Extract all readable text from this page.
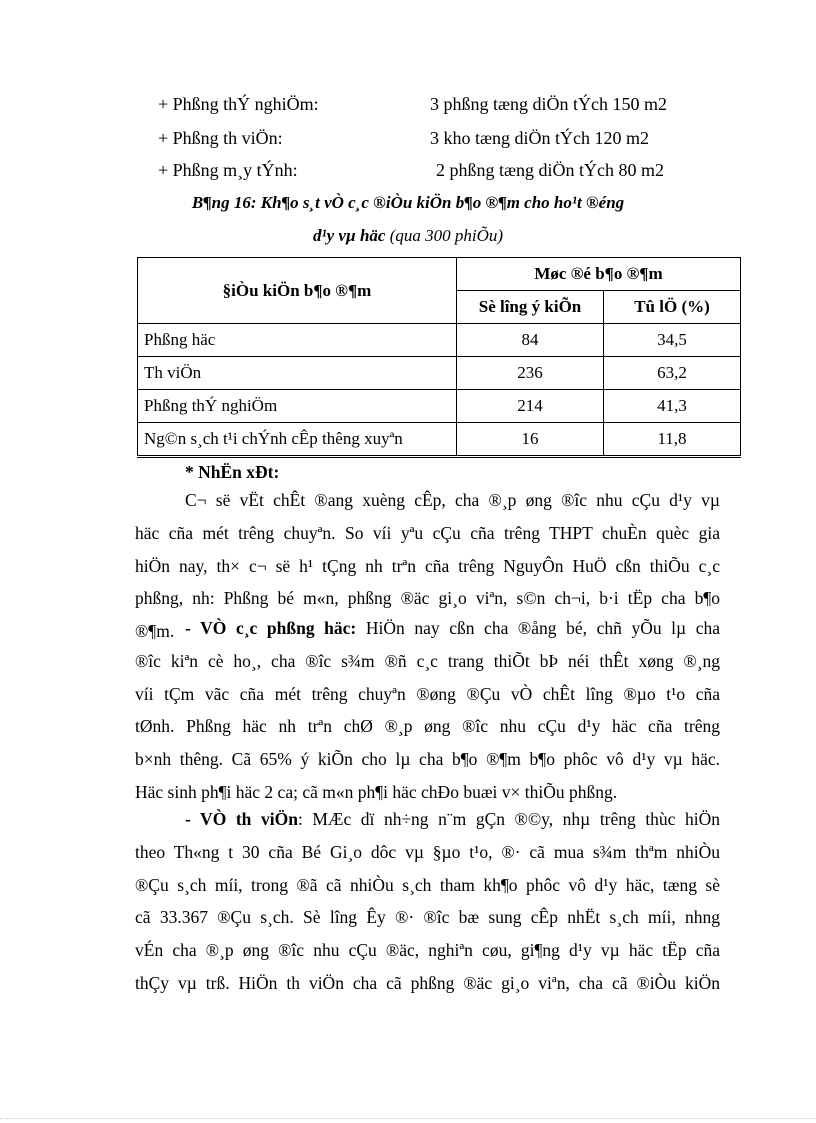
+ Phßng thÝ nghiÖm:	3 phßng tæng diÖn tÝch 150 m2
+ Phßng th viÖn:	3 kho tæng diÖn tÝch 120 m2
+ Phßng m¸y tÝnh:	2 phßng tæng diÖn tÝch 80 m2
B¶ng 16: Kh¶o s¸t vÒ c¸c ®iÒu kiÖn b¶o ®¶m cho ho¹t ®éng
d¹y vµ häc (qua 300 phiÕu)
§iÒu kiÖn b¶o ®¶m	Møc ®é b¶o ®¶m	
	Sè lîng ý kiÕn	Tû lÖ (%)
Phßng häc	84	34,5
Th viÖn	236	63,2
Phßng thÝ nghiÖm	214	41,3
Ng©n s¸ch t¹i chÝnh cÊp thêng xuyªn	16	11,8
* NhËn xÐt:
C¬ së vËt chÊt ®ang xuèng cÊp, cha ®¸p øng ®îc nhu cÇu d¹y vµ
häc cña mét trêng chuyªn. So víi yªu cÇu cña trêng THPT chuÈn quèc gia
hiÖn nay, th× c¬ së h¹ tÇng nh trªn cña trêng NguyÔn HuÖ cßn thiÕu c¸c
phßng, nh: Phßng bé m«n, phßng ®äc gi¸o viªn, s©n ch¬i, b·i tËp cha b¶o
®¶m. - VÒ c¸c phßng häc: HiÖn nay cßn cha ®ång bé, chñ yÕu lµ cha
®îc kiªn cè ho¸, cha ®îc s¾m ®ñ c¸c trang thiÕt bÞ néi thÊt xøng ®¸ng
víi tÇm vãc cña mét trêng chuyªn ®øng ®Çu vÒ chÊt lîng ®µo t¹o cña
tØnh. Phßng häc nh trªn chØ ®¸p øng ®îc nhu cÇu d¹y häc cña trêng
b×nh thêng. Cã 65% ý kiÕn cho lµ cha b¶o ®¶m b¶o phôc vô d¹y vµ häc.
Häc sinh ph¶i häc 2 ca; cã m«n ph¶i häc chÐo buæi v× thiÕu phßng.
- VÒ th viÖn: MÆc dï nh÷ng n¨m gÇn ®©y, nhµ trêng thùc hiÖn
theo Th«ng t 30 cña Bé Gi¸o dôc vµ §µo t¹o, ®· cã mua s¾m thªm nhiÒu
®Çu s¸ch míi, trong ®ã cã nhiÒu s¸ch tham kh¶o phôc vô d¹y häc, tæng sè
cã 33.367 ®Çu s¸ch. Sè lîng Êy ®· ®îc bæ sung cÊp nhËt s¸ch míi, nhng
vÉn cha ®¸p øng ®îc nhu cÇu ®äc, nghiªn cøu, gi¶ng d¹y vµ häc tËp cña
thÇy vµ trß. HiÖn th viÖn cha cã phßng ®äc gi¸o viªn, cha cã ®iÒu kiÖn
